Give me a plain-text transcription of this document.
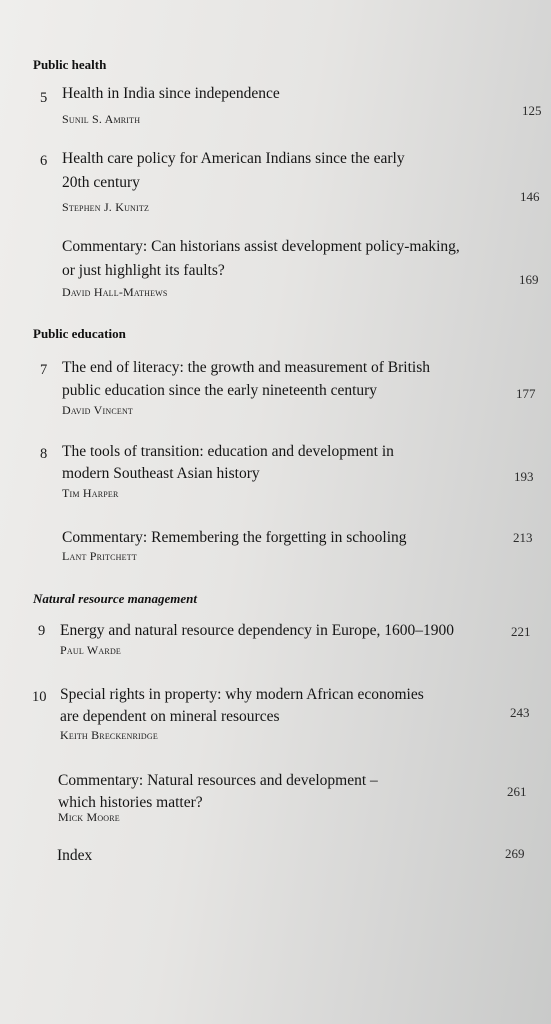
Public health
5 Health in India since independence
Sunil S. Amrith
125
6 Health care policy for American Indians since the early
20th century
Stephen J. Kunitz
146
Commentary: Can historians assist development policy-making,
or just highlight its faults?
David Hall-Mathews
169
Public education
7 The end of literacy: the growth and measurement of British
public education since the early nineteenth century
David Vincent
177
8 The tools of transition: education and development in
modern Southeast Asian history
Tim Harper
193
Commentary: Remembering the forgetting in schooling
Lant Pritchett
213
Natural resource management
9 Energy and natural resource dependency in Europe, 1600–1900
Paul Warde
221
10 Special rights in property: why modern African economies
are dependent on mineral resources
Keith Breckenridge
243
Commentary: Natural resources and development –
which histories matter?
Mick Moore
261
Index	269
